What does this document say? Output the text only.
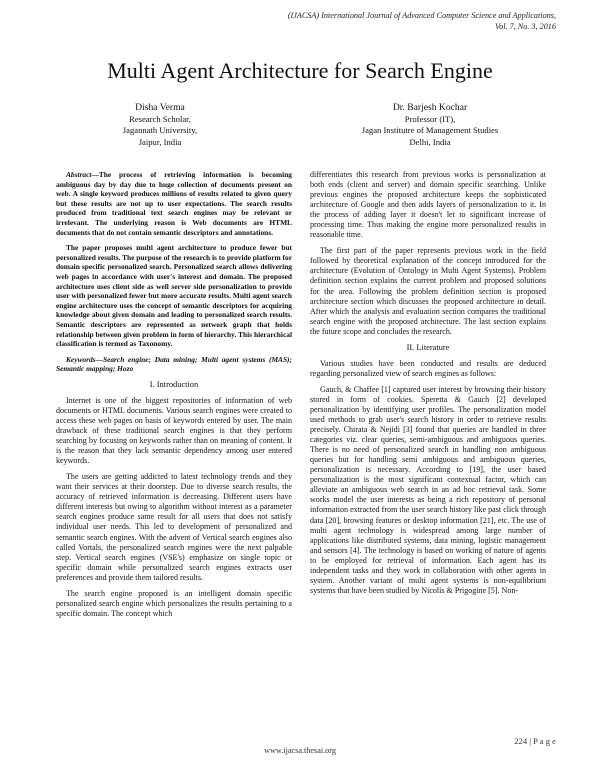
(IJACSA) International Journal of Advanced Computer Science and Applications,
Vol. 7, No. 3, 2016
Multi Agent Architecture for Search Engine
Disha Verma
Research Scholar,
Jagannath University,
Jaipur, India
Dr. Barjesh Kochar
Professor (IT),
Jagan Institutre of Management Studies
Delhi, India

Abstract—The process of retrieving information is becoming ambiguous day by day due to huge collection of documents present on web. A single keyword produces millions of results related to given query but these results are not up to user expectations. The search results produced from traditional text search engines may be relevant or irrelevant. The underlying reason is Web documents are HTML documents that do not contain semantic descriptors and annotations.

The paper proposes multi agent architecture to produce fewer but personalized results. The purpose of the research is to provide platform for domain specific personalized search. Personalized search allows delivering web pages in accordance with user's interest and domain. The proposed architecture uses client side as well server side personalization to provide user with personalized fewer but more accurate results. Multi agent search engine architecture uses the concept of semantic descriptors for acquiring knowledge about given domain and leading to personalized search results. Semantic descriptors are represented as network graph that holds relationship between given problem in form of hierarchy. This hierarchical classification is termed as Taxonomy.

Keywords—Search engine; Data mining; Multi agent systems (MAS); Semantic mapping; Hozo

I. Introduction

Internet is one of the biggest repositories of information of web documents or HTML documents. Various search engines were created to access these web pages on basis of keywords entered by user. The main drawback of these traditional search engines is that they perform searching by focusing on keywords rather than on meaning of content. It is the reason that they lack semantic dependency among user entered keywords.

The users are getting addicted to latest technology trends and they want their services at their doorstep. Due to diverse search results, the accuracy of retrieved information is decreasing. Different users have different interests but owing to algorithm without interest as a parameter search engines produce same result for all users that does not satisfy individual user needs. This led to development of personalized and semantic search engines. With the advent of Vertical search engines also called Vortals, the personalized search engines were the next palpable step. Vertical search engines (VSE's) emphasize on single topic or specific domain while personalized search engines extracts user preferences and provide them tailored results.

The search engine proposed is an intelligent domain specific personalized search engine which personalizes the results pertaining to a specific domain. The concept which

differentiates this research from previous works is personalization at both ends (client and server) and domain specific searching. Unlike previous engines the proposed architecture keeps the sophisticated architecture of Google and then adds layers of personalization to it. In the process of adding layer it doesn't let to significant increase of processing time. Thus making the engine more personalized results in reasonable time.

The first part of the paper represents previous work in the field followed by theoretical explanation of the concept introduced for the architecture (Evolution of Ontology in Multi Agent Systems). Problem definition section explains the current problem and proposed solutions for the area. Following the problem definition section is proposed architecture section which discusses the proposed architecture in detail. After which the analysis and evaluation section compares the traditional search engine with the proposed architecture. The last section explains the future scope and concludes the research.

II. Literature

Various studies have been conducted and results are deduced regarding personalized view of search engines as follows:

Gauch, & Chaffee [1] captured user interest by browsing their history stored in form of cookies. Speretta & Gauch [2] developed personalization by identifying user profiles. The personalization model used methods to grab user's search history in order to retrieve results precisely. Chirata & Nejidi [3] found that queries are handled in three categories viz. clear queries, semi-ambiguous and ambiguous queries. There is no need of personalized search in handling non ambiguous queries but for handling semi ambiguous and ambiguous queries, personalization is necessary. According to [19], the user based personalization is the most significant contextual factor, which can alleviate an ambiguous web search in an ad hoc retrieval task. Some works model the user interests as being a rich repository of personal information extracted from the user search history like past click through data [20], browsing features or desktop information [21], etc. The use of multi agent technology is widespread among large number of applications like distributed systems, data mining, logistic management and sensors [4]. The technology is based on working of nature of agents to be employed for retrieval of information. Each agent has its independent tasks and they work in collaboration with other agents in system. Another variant of multi agent systems is non-equilibrium systems that have been studied by Nicolis & Prigogine [5]. Non-

224 | P a g e
www.ijacsa.thesai.org
